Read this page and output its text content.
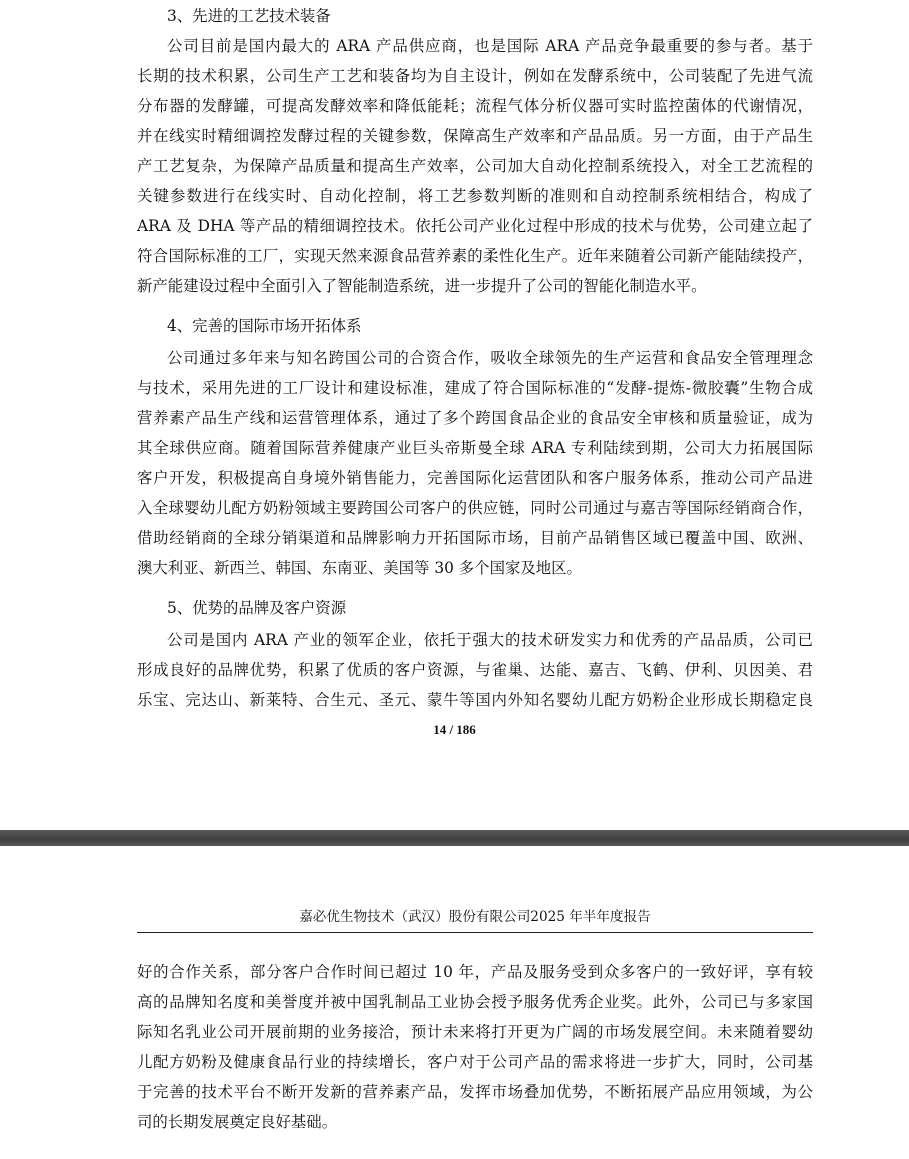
3、先进的工艺技术装备
公司目前是国内最大的 ARA 产品供应商，也是国际 ARA 产品竞争最重要的参与者。基于
长期的技术积累，公司生产工艺和装备均为自主设计，例如在发酵系统中，公司装配了先进气流
分布器的发酵罐，可提高发酵效率和降低能耗；流程气体分析仪器可实时监控菌体的代谢情况，
并在线实时精细调控发酵过程的关键参数，保障高生产效率和产品品质。另一方面，由于产品生
产工艺复杂，为保障产品质量和提高生产效率，公司加大自动化控制系统投入，对全工艺流程的
关键参数进行在线实时、自动化控制，将工艺参数判断的准则和自动控制系统相结合，构成了
ARA 及 DHA 等产品的精细调控技术。依托公司产业化过程中形成的技术与优势，公司建立起了
符合国际标准的工厂，实现天然来源食品营养素的柔性化生产。近年来随着公司新产能陆续投产，
新产能建设过程中全面引入了智能制造系统，进一步提升了公司的智能化制造水平。
4、完善的国际市场开拓体系
公司通过多年来与知名跨国公司的合资合作，吸收全球领先的生产运营和食品安全管理理念
与技术，采用先进的工厂设计和建设标准，建成了符合国际标准的“发酵-提炼-微胶囊”生物合成
营养素产品生产线和运营管理体系，通过了多个跨国食品企业的食品安全审核和质量验证，成为
其全球供应商。随着国际营养健康产业巨头帝斯曼全球 ARA 专利陆续到期，公司大力拓展国际
客户开发，积极提高自身境外销售能力，完善国际化运营团队和客户服务体系，推动公司产品进
入全球婴幼儿配方奶粉领域主要跨国公司客户的供应链，同时公司通过与嘉吉等国际经销商合作，
借助经销商的全球分销渠道和品牌影响力开拓国际市场，目前产品销售区域已覆盖中国、欧洲、
澳大利亚、新西兰、韩国、东南亚、美国等 30 多个国家及地区。
5、优势的品牌及客户资源
公司是国内 ARA 产业的领军企业，依托于强大的技术研发实力和优秀的产品品质，公司已
形成良好的品牌优势，积累了优质的客户资源，与雀巢、达能、嘉吉、飞鹤、伊利、贝因美、君
乐宝、完达山、新莱特、合生元、圣元、蒙牛等国内外知名婴幼儿配方奶粉企业形成长期稳定良
14 / 186
嘉必优生物技术（武汉）股份有限公司2025 年半年度报告
好的合作关系，部分客户合作时间已超过 10 年，产品及服务受到众多客户的一致好评，享有较
高的品牌知名度和美誉度并被中国乳制品工业协会授予服务优秀企业奖。此外，公司已与多家国
际知名乳业公司开展前期的业务接洽，预计未来将打开更为广阔的市场发展空间。未来随着婴幼
儿配方奶粉及健康食品行业的持续增长，客户对于公司产品的需求将进一步扩大，同时，公司基
于完善的技术平台不断开发新的营养素产品，发挥市场叠加优势，不断拓展产品应用领域，为公
司的长期发展奠定良好基础。
